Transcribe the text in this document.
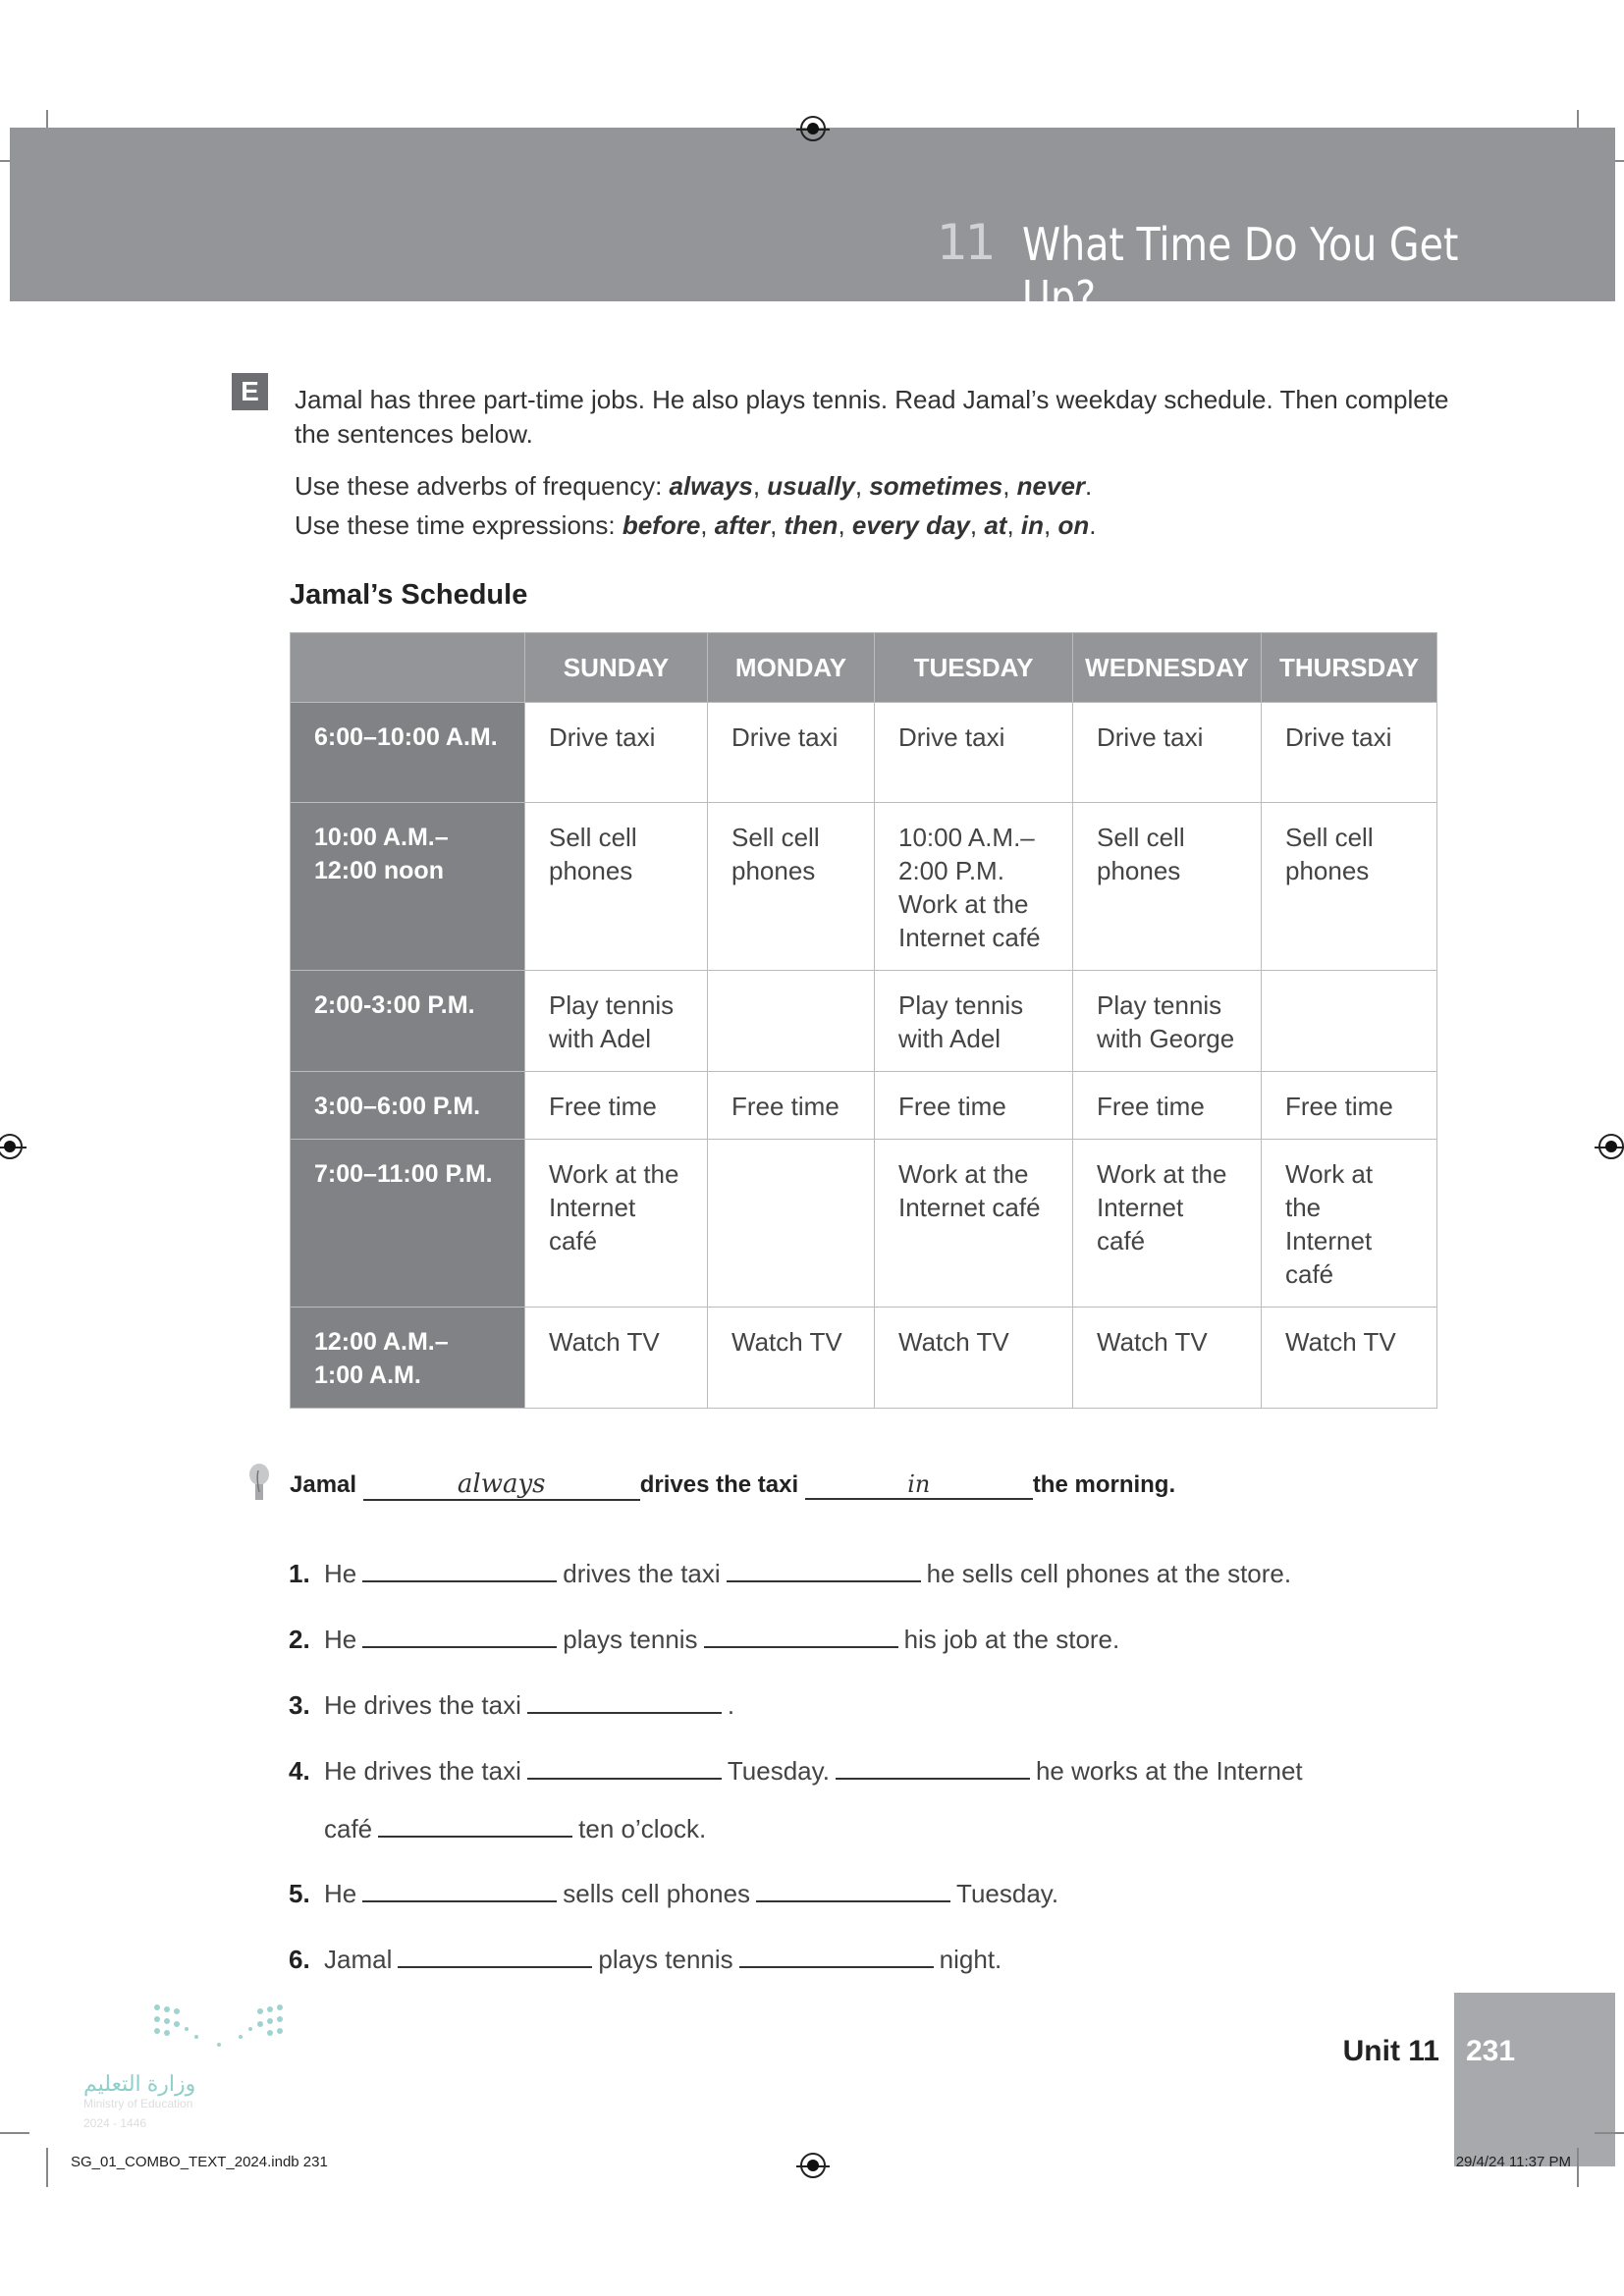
11 What Time Do You Get Up?
E	Jamal has three part-time jobs. He also plays tennis. Read Jamal’s weekday schedule. Then complete
the sentences below.
Use these adverbs of frequency: always, usually, sometimes, never.
Use these time expressions: before, after, then, every day, at, in, on.
Jamal’s Schedule
	SUNDAY	MONDAY	TUESDAY	WEDNESDAY	THURSDAY
6:00–10:00 A.M.	Drive taxi	Drive taxi	Drive taxi	Drive taxi	Drive taxi
10:00 A.M.– 12:00 noon	Sell cell phones	Sell cell phones	10:00 A.M.– 2:00 P.M. Work at the Internet café	Sell cell phones	Sell cell phones
2:00-3:00 P.M.	Play tennis with Adel		Play tennis with Adel	Play tennis with George	
3:00–6:00 P.M.	Free time	Free time	Free time	Free time	Free time
7:00–11:00 P.M.	Work at the Internet café		Work at the Internet café	Work at the Internet café	Work at the Internet café
12:00 A.M.– 1:00 A.M.	Watch TV	Watch TV	Watch TV	Watch TV	Watch TV
Jamal	always	drives the taxi	in	the morning.
1. He	drives the taxi	he sells cell phones at the store.
2. He	plays tennis	his job at the store.
3. He drives the taxi	.
4. He drives the taxi	Tuesday.	he works at the Internet
café	ten o’clock.
5. He	sells cell phones	Tuesday.
6. Jamal	plays tennis	night.
وزارة التعليم
Ministry of Education
2024 - 1446
Unit 11 231
SG_01_COMBO_TEXT_2024.indb 231	29/4/24 11:37 PM
